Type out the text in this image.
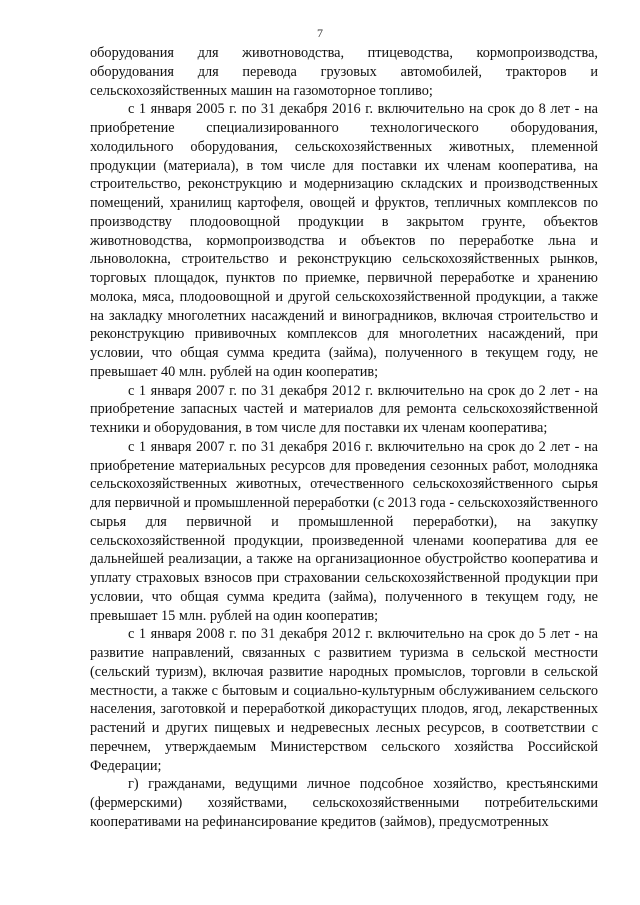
7

оборудования для животноводства, птицеводства, кормопроизводства, оборудования для перевода грузовых автомобилей, тракторов и сельскохозяйственных машин на газомоторное топливо;

с 1 января 2005 г. по 31 декабря 2016 г. включительно на срок до 8 лет - на приобретение специализированного технологического оборудования, холодильного оборудования, сельскохозяйственных животных, племенной продукции (материала), в том числе для поставки их членам кооператива, на строительство, реконструкцию и модернизацию складских и производственных помещений, хранилищ картофеля, овощей и фруктов, тепличных комплексов по производству плодоовощной продукции в закрытом грунте, объектов животноводства, кормопроизводства и объектов по переработке льна и льноволокна, строительство и реконструкцию сельскохозяйственных рынков, торговых площадок, пунктов по приемке, первичной переработке и хранению молока, мяса, плодоовощной и другой сельскохозяйственной продукции, а также на закладку многолетних насаждений и виноградников, включая строительство и реконструкцию прививочных комплексов для многолетних насаждений, при условии, что общая сумма кредита (займа), полученного в текущем году, не превышает 40 млн. рублей на один кооператив;

с 1 января 2007 г. по 31 декабря 2012 г. включительно на срок до 2 лет - на приобретение запасных частей и материалов для ремонта сельскохозяйственной техники и оборудования, в том числе для поставки их членам кооператива;

с 1 января 2007 г. по 31 декабря 2016 г. включительно на срок до 2 лет - на приобретение материальных ресурсов для проведения сезонных работ, молодняка сельскохозяйственных животных, отечественного сельскохозяйственного сырья для первичной и промышленной переработки (с 2013 года - сельскохозяйственного сырья для первичной и промышленной переработки), на закупку сельскохозяйственной продукции, произведенной членами кооператива для ее дальнейшей реализации, а также на организационное обустройство кооператива и уплату страховых взносов при страховании сельскохозяйственной продукции при условии, что общая сумма кредита (займа), полученного в текущем году, не превышает 15 млн. рублей на один кооператив;

с 1 января 2008 г. по 31 декабря 2012 г. включительно на срок до 5 лет - на развитие направлений, связанных с развитием туризма в сельской местности (сельский туризм), включая развитие народных промыслов, торговли в сельской местности, а также с бытовым и социально-культурным обслуживанием сельского населения, заготовкой и переработкой дикорастущих плодов, ягод, лекарственных растений и других пищевых и недревесных лесных ресурсов, в соответствии с перечнем, утверждаемым Министерством сельского хозяйства Российской Федерации;

г) гражданами, ведущими личное подсобное хозяйство, крестьянскими (фермерскими) хозяйствами, сельскохозяйственными потребительскими кооперативами на рефинансирование кредитов (займов), предусмотренных
